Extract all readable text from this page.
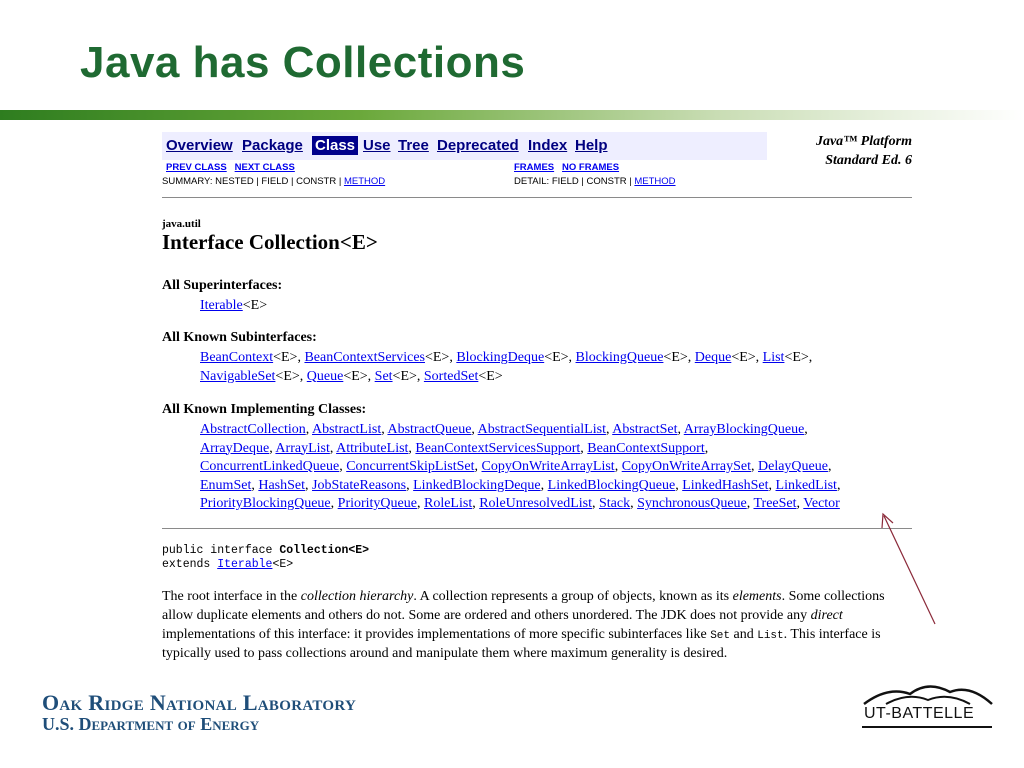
Java has Collections
Overview Package Class Use Tree Deprecated Index Help	Java™ Platform
Standard Ed. 6
PREV CLASS NEXT CLASS	FRAMES NO FRAMES
SUMMARY: NESTED | FIELD | CONSTR | METHOD	DETAIL: FIELD | CONSTR | METHOD
java.util
Interface Collection<E>
All Superinterfaces:
Iterable<E>
All Known Subinterfaces:
BeanContext<E>, BeanContextServices<E>, BlockingDeque<E>, BlockingQueue<E>, Deque<E>, List<E>,
NavigableSet<E>, Queue<E>, Set<E>, SortedSet<E>
All Known Implementing Classes:
AbstractCollection, AbstractList, AbstractQueue, AbstractSequentialList, AbstractSet, ArrayBlockingQueue,
ArrayDeque, ArrayList, AttributeList, BeanContextServicesSupport, BeanContextSupport,
ConcurrentLinkedQueue, ConcurrentSkipListSet, CopyOnWriteArrayList, CopyOnWriteArraySet, DelayQueue,
EnumSet, HashSet, JobStateReasons, LinkedBlockingDeque, LinkedBlockingQueue, LinkedHashSet, LinkedList,
PriorityBlockingQueue, PriorityQueue, RoleList, RoleUnresolvedList, Stack, SynchronousQueue, TreeSet, Vector
public interface Collection<E>
extends Iterable<E>
The root interface in the collection hierarchy. A collection represents a group of objects, known as its elements. Some collections allow duplicate elements and others do not. Some are ordered and others unordered. The JDK does not provide any direct implementations of this interface: it provides implementations of more specific subinterfaces like Set and List. This interface is typically used to pass collections around and manipulate them where maximum generality is desired.
Oak Ridge National Laboratory
U.S. Department of Energy
UT-BATTELLE
